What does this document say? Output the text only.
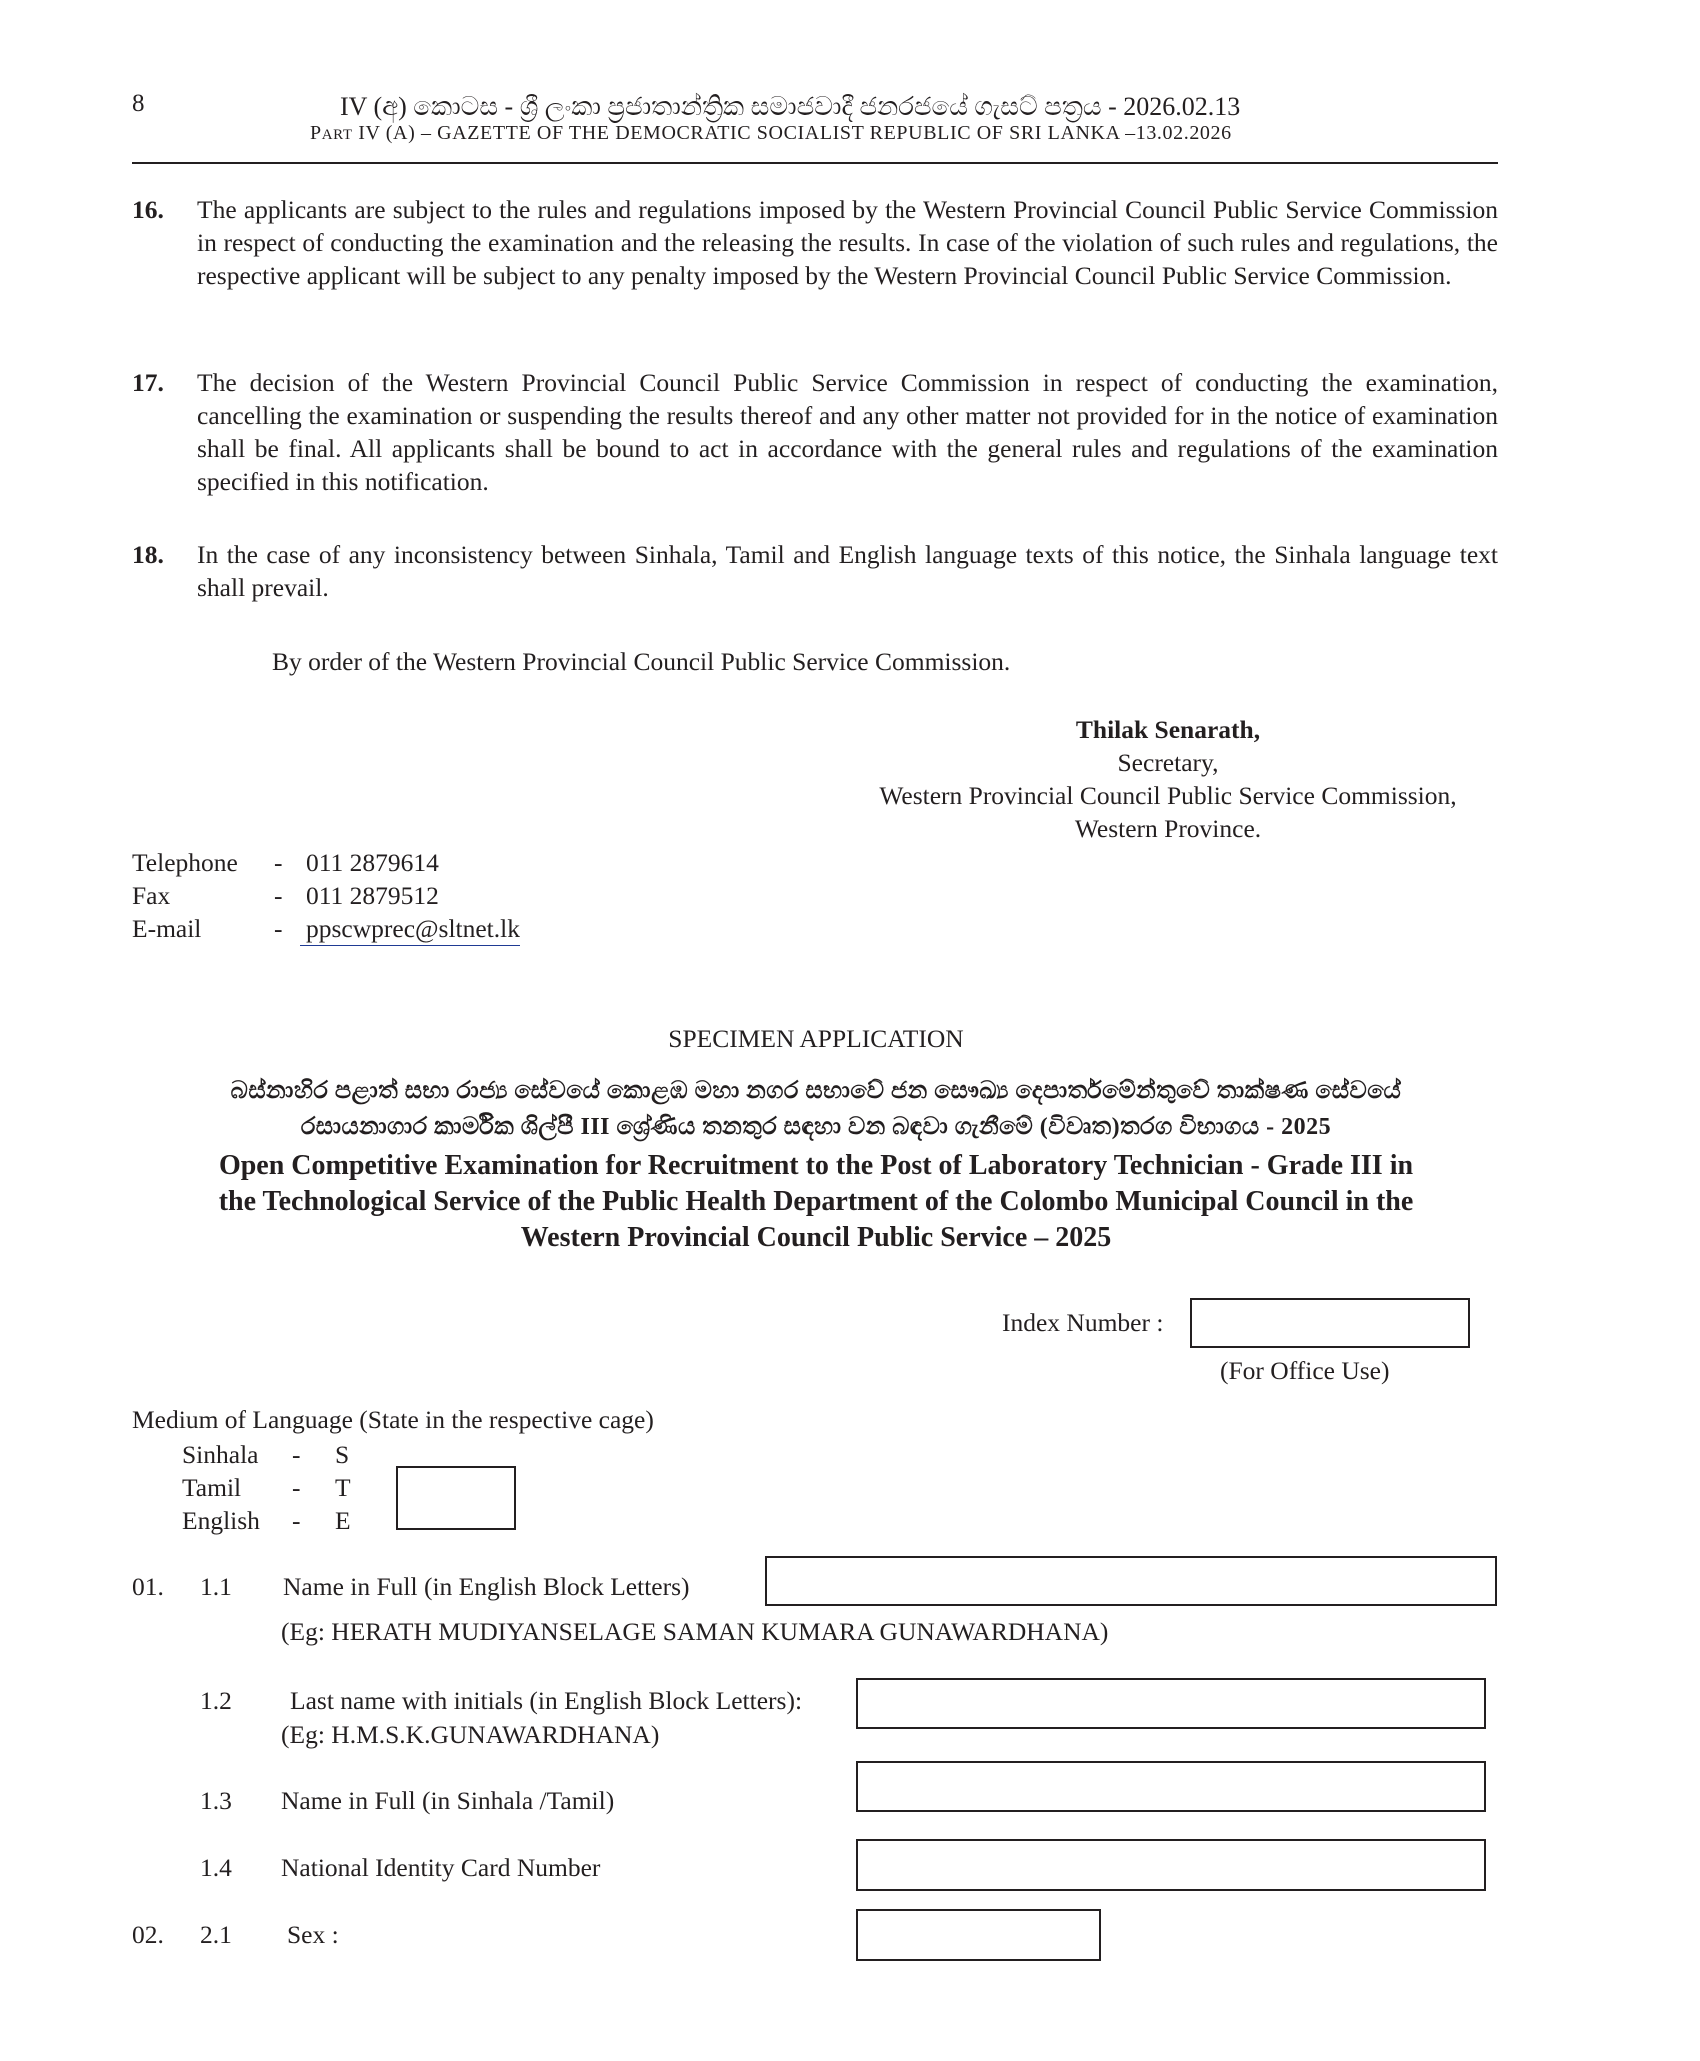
8	IV (අ) කොටස - ශ්‍රී ලංකා ප්‍රජාතාන්ත්‍රික සමාජවාදී ජනරජයේ ගැසට් පත්‍රය - 2026.02.13
PART IV (A) – GAZETTE OF THE DEMOCRATIC SOCIALIST REPUBLIC OF SRI LANKA –13.02.2026
16. The applicants are subject to the rules and regulations imposed by the Western Provincial Council Public Service Commission in respect of conducting the examination and the releasing the results. In case of the violation of such rules and regulations, the respective applicant will be subject to any penalty imposed by the Western Provincial Council Public Service Commission.
17. The decision of the Western Provincial Council Public Service Commission in respect of conducting the examination, cancelling the examination or suspending the results thereof and any other matter not provided for in the notice of examination shall be final. All applicants shall be bound to act in accordance with the general rules and regulations of the examination specified in this notification.
18. In the case of any inconsistency between Sinhala, Tamil and English language texts of this notice, the Sinhala language text shall prevail.
By order of the Western Provincial Council Public Service Commission.
Thilak Senarath,
Secretary,
Western Provincial Council Public Service Commission,
Western Province.
Telephone - 011 2879614
Fax	- 011 2879512
E-mail	- ppscwprec@sltnet.lk
SPECIMEN APPLICATION
බස්නාහිර පළාත් සභා රාජ්‍ය සේවයේ කොළඹ මහා නගර සභාවේ ජන සෞඛ්‍ය දෙපාර්තමේන්තුවේ තාක්ෂණ සේවයේ
රසායනාගාර කාර්මික ශිල්පී III ශ්‍රේණිය තනතුර සඳහා වන බඳවා ගැනීමේ (විවෘත)තරග විභාගය - 2025
Open Competitive Examination for Recruitment to the Post of Laboratory Technician - Grade III in
the Technological Service of the Public Health Department of the Colombo Municipal Council in the
Western Provincial Council Public Service – 2025
Index Number :
(For Office Use)
Medium of Language (State in the respective cage)
Sinhala - S
Tamil - T
English - E
01. 1.1 Name in Full (in English Block Letters)
(Eg: HERATH MUDIYANSELAGE SAMAN KUMARA GUNAWARDHANA)
1.2 Last name with initials (in English Block Letters):
(Eg: H.M.S.K.GUNAWARDHANA)
1.3 Name in Full (in Sinhala /Tamil)
1.4 National Identity Card Number
02. 2.1 Sex :
